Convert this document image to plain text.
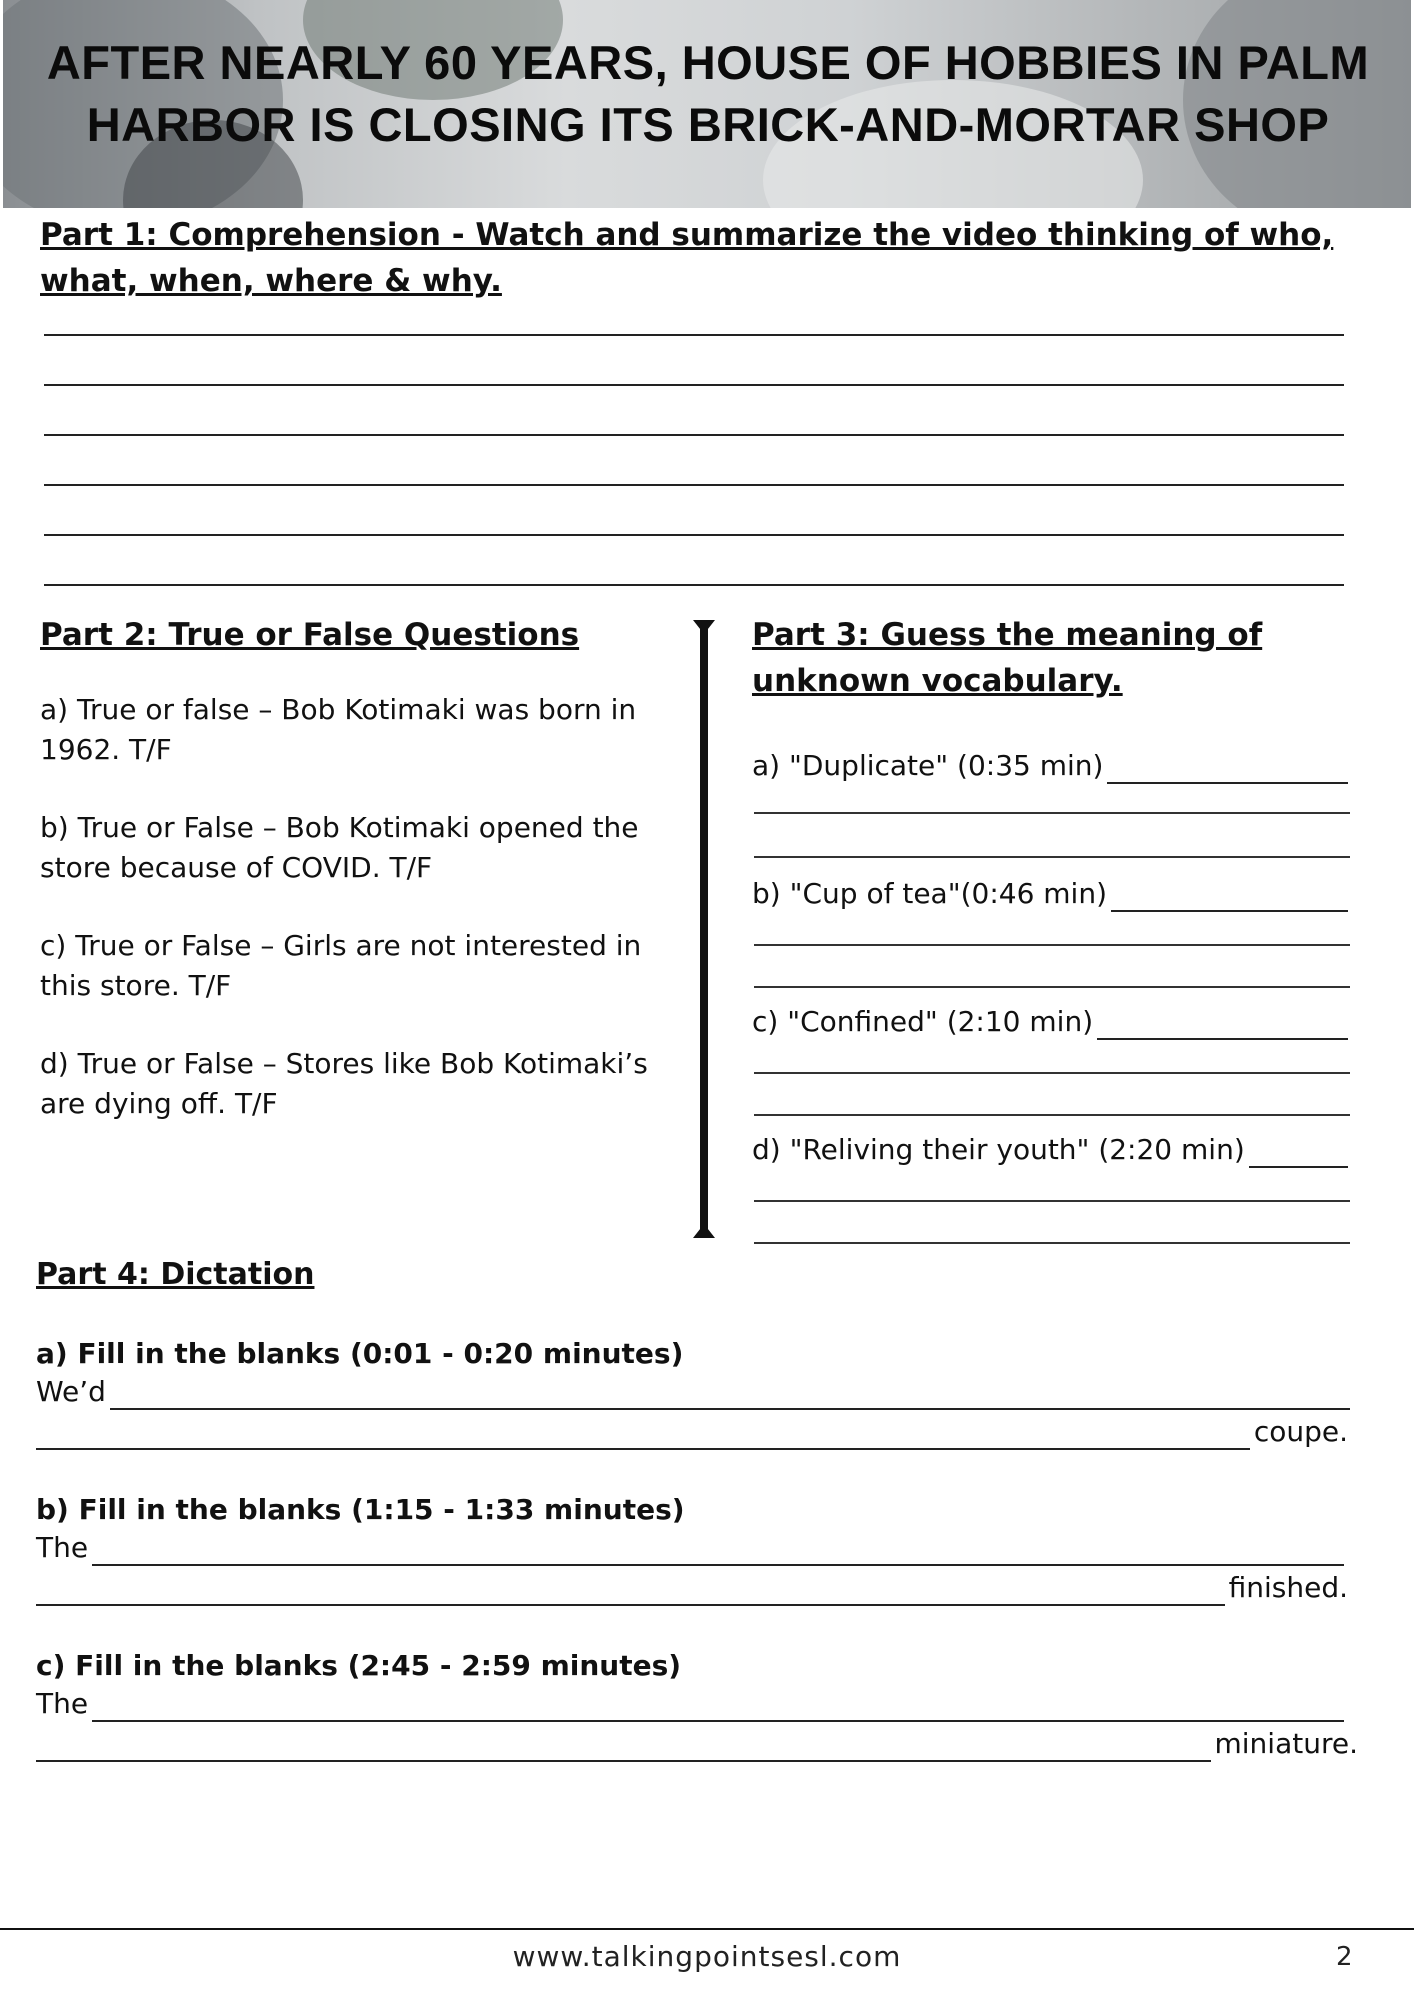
AFTER NEARLY 60 YEARS, HOUSE OF HOBBIES IN PALM HARBOR IS CLOSING ITS BRICK-AND-MORTAR SHOP
Part 1: Comprehension - Watch and summarize the video thinking of who,
what, when, where & why.
Part 2: True or False Questions
a) True or false – Bob Kotimaki was born in 1962. T/F
b) True or False – Bob Kotimaki opened the store because of COVID. T/F
c) True or False – Girls are not interested in this store. T/F
d) True or False – Stores like Bob Kotimaki’s are dying off. T/F
Part 3: Guess the meaning of
unknown vocabulary.
a) "Duplicate" (0:35 min)
b) "Cup of tea"(0:46 min)
c) "Confined" (2:10 min)
d) "Reliving their youth" (2:20 min)
Part 4: Dictation
a) Fill in the blanks (0:01 - 0:20 minutes)
We’d
coupe.
b) Fill in the blanks (1:15 - 1:33 minutes)
The
finished.
c) Fill in the blanks (2:45 - 2:59 minutes)
The
miniature.
www.talkingpointsesl.com	2
